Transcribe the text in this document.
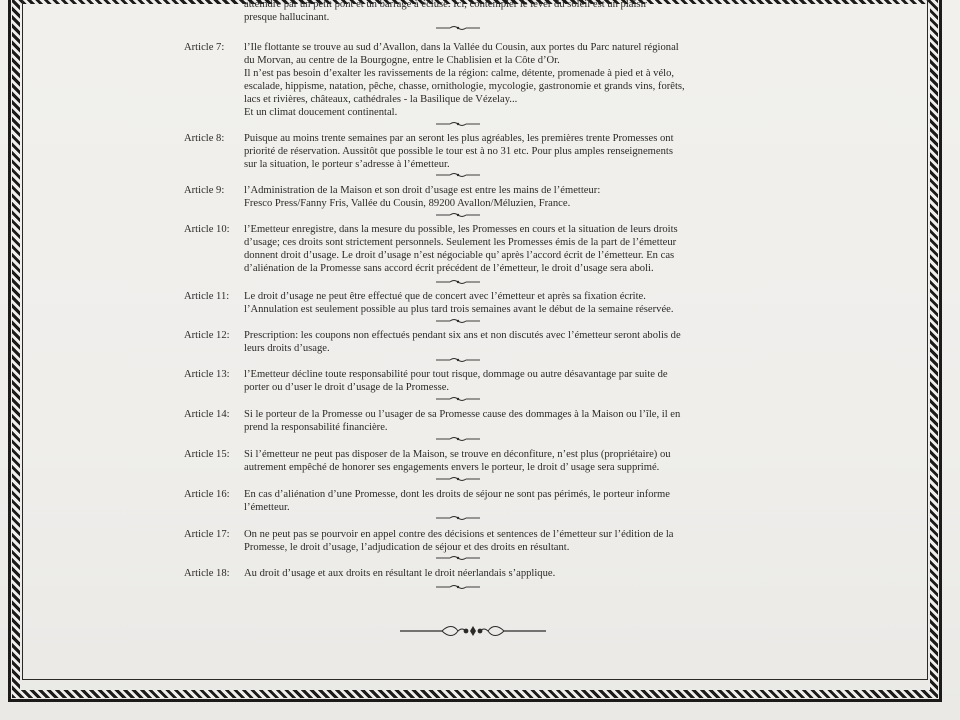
atteindre par un petit pont et un barrage à écluse. Ici, contempler le lever du soleil est un plaisir
presque hallucinant.
Article 7:	l’Ile flottante se trouve au sud d’Avallon, dans la Vallée du Cousin, aux portes du Parc naturel régional
du Morvan, au centre de la Bourgogne, entre le Chablisien et la Côte d’Or.
Il n’est pas besoin d’exalter les ravissements de la région: calme, détente, promenade à pied et à vélo,
escalade, hippisme, natation, pêche, chasse, ornithologie, mycologie, gastronomie et grands vins, forêts,
lacs et rivières, châteaux, cathédrales - la Basilique de Vézelay...
Et un climat doucement continental.
Article 8:	Puisque au moins trente semaines par an seront les plus agréables, les premières trente Promesses ont
priorité de réservation. Aussitôt que possible le tour est à no 31 etc. Pour plus amples renseignements
sur la situation, le porteur s’adresse à l’émetteur.
Article 9:	l’Administration de la Maison et son droit d’usage est entre les mains de l’émetteur:
Fresco Press/Fanny Fris, Vallée du Cousin, 89200 Avallon/Méluzien, France.
Article 10:	l’Emetteur enregistre, dans la mesure du possible, les Promesses en cours et la situation de leurs droits
d’usage; ces droits sont strictement personnels. Seulement les Promesses émis de la part de l’émetteur
donnent droit d’usage. Le droit d’usage n’est négociable qu’ après l’accord écrit de l’émetteur. En cas
d’aliénation de la Promesse sans accord écrit précédent de l’émetteur, le droit d’usage sera aboli.
Article 11:	Le droit d’usage ne peut être effectué que de concert avec l’émetteur et après sa fixation écrite.
l’Annulation est seulement possible au plus tard trois semaines avant le début de la semaine réservée.
Article 12:	Prescription: les coupons non effectués pendant six ans et non discutés avec l’émetteur seront abolis de
leurs droits d’usage.
Article 13:	l’Emetteur décline toute responsabilité pour tout risque, dommage ou autre désavantage par suite de
porter ou d’user le droit d’usage de la Promesse.
Article 14:	Si le porteur de la Promesse ou l’usager de sa Promesse cause des dommages à la Maison ou l’île, il en
prend la responsabilité financière.
Article 15:	Si l’émetteur ne peut pas disposer de la Maison, se trouve en déconfiture, n’est plus (propriétaire) ou
autrement empêché de honorer ses engagements envers le porteur, le droit d’ usage sera supprimé.
Article 16:	En cas d’aliénation d’une Promesse, dont les droits de séjour ne sont pas périmés, le porteur informe
l’émetteur.
Article 17:	On ne peut pas se pourvoir en appel contre des décisions et sentences de l’émetteur sur l’édition de la
Promesse, le droit d’usage, l’adjudication de séjour et des droits en résultant.
Article 18:	Au droit d’usage et aux droits en résultant le droit néerlandais s’applique.
